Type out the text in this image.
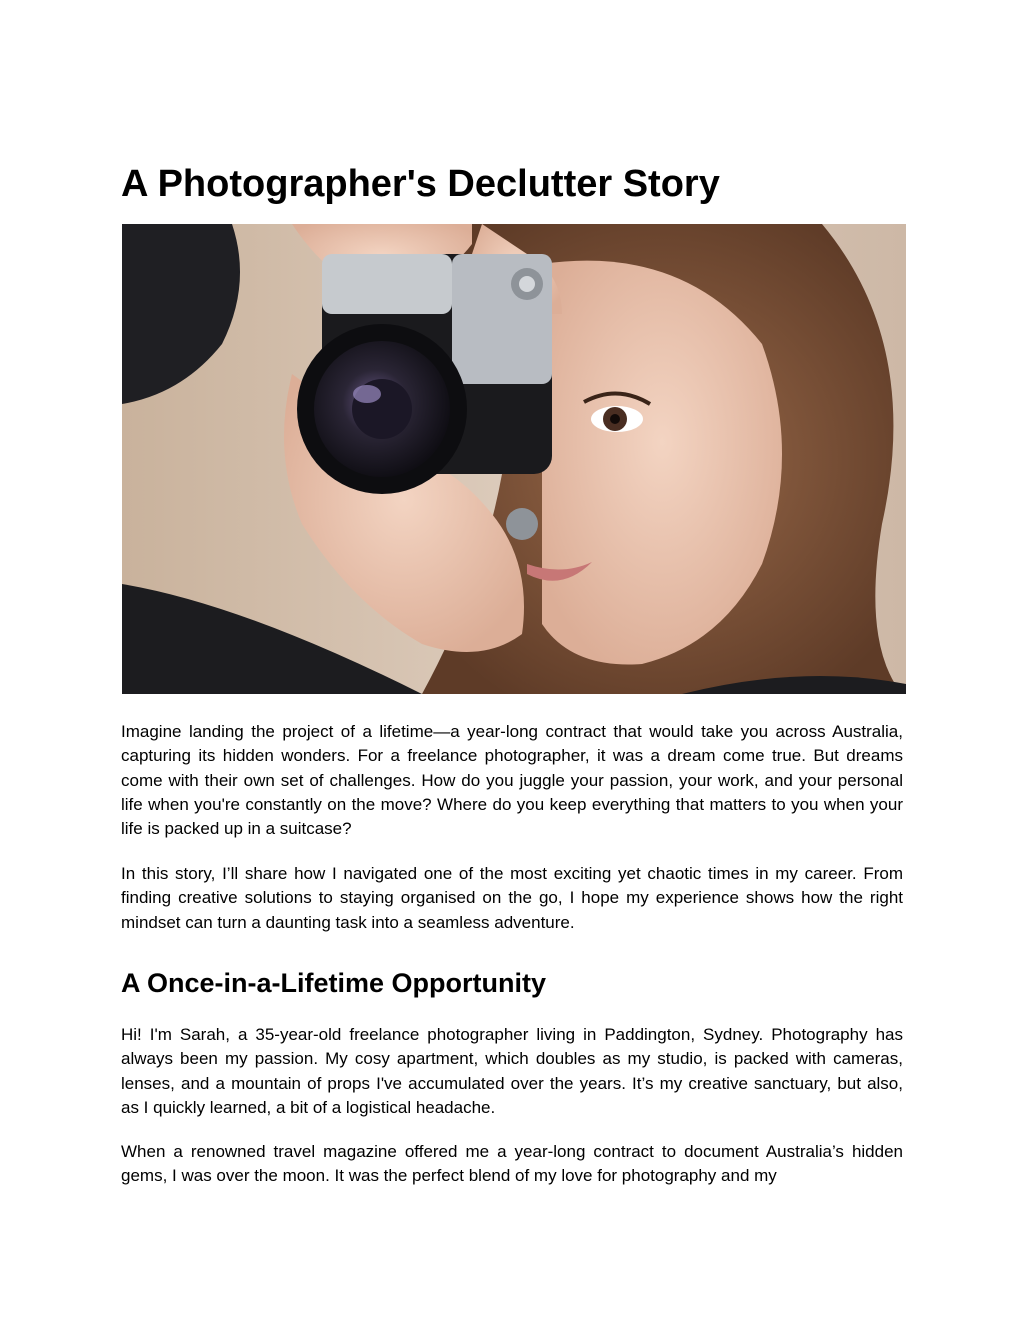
A Photographer's Declutter Story

Imagine landing the project of a lifetime—a year-long contract that would take you across Australia, capturing its hidden wonders. For a freelance photographer, it was a dream come true. But dreams come with their own set of challenges. How do you juggle your passion, your work, and your personal life when you're constantly on the move? Where do you keep everything that matters to you when your life is packed up in a suitcase?

In this story, I’ll share how I navigated one of the most exciting yet chaotic times in my career. From finding creative solutions to staying organised on the go, I hope my experience shows how the right mindset can turn a daunting task into a seamless adventure.

A Once-in-a-Lifetime Opportunity

Hi! I'm Sarah, a 35-year-old freelance photographer living in Paddington, Sydney. Photography has always been my passion. My cosy apartment, which doubles as my studio, is packed with cameras, lenses, and a mountain of props I've accumulated over the years. It’s my creative sanctuary, but also, as I quickly learned, a bit of a logistical headache.

When a renowned travel magazine offered me a year-long contract to document Australia’s hidden gems, I was over the moon. It was the perfect blend of my love for photography and my
